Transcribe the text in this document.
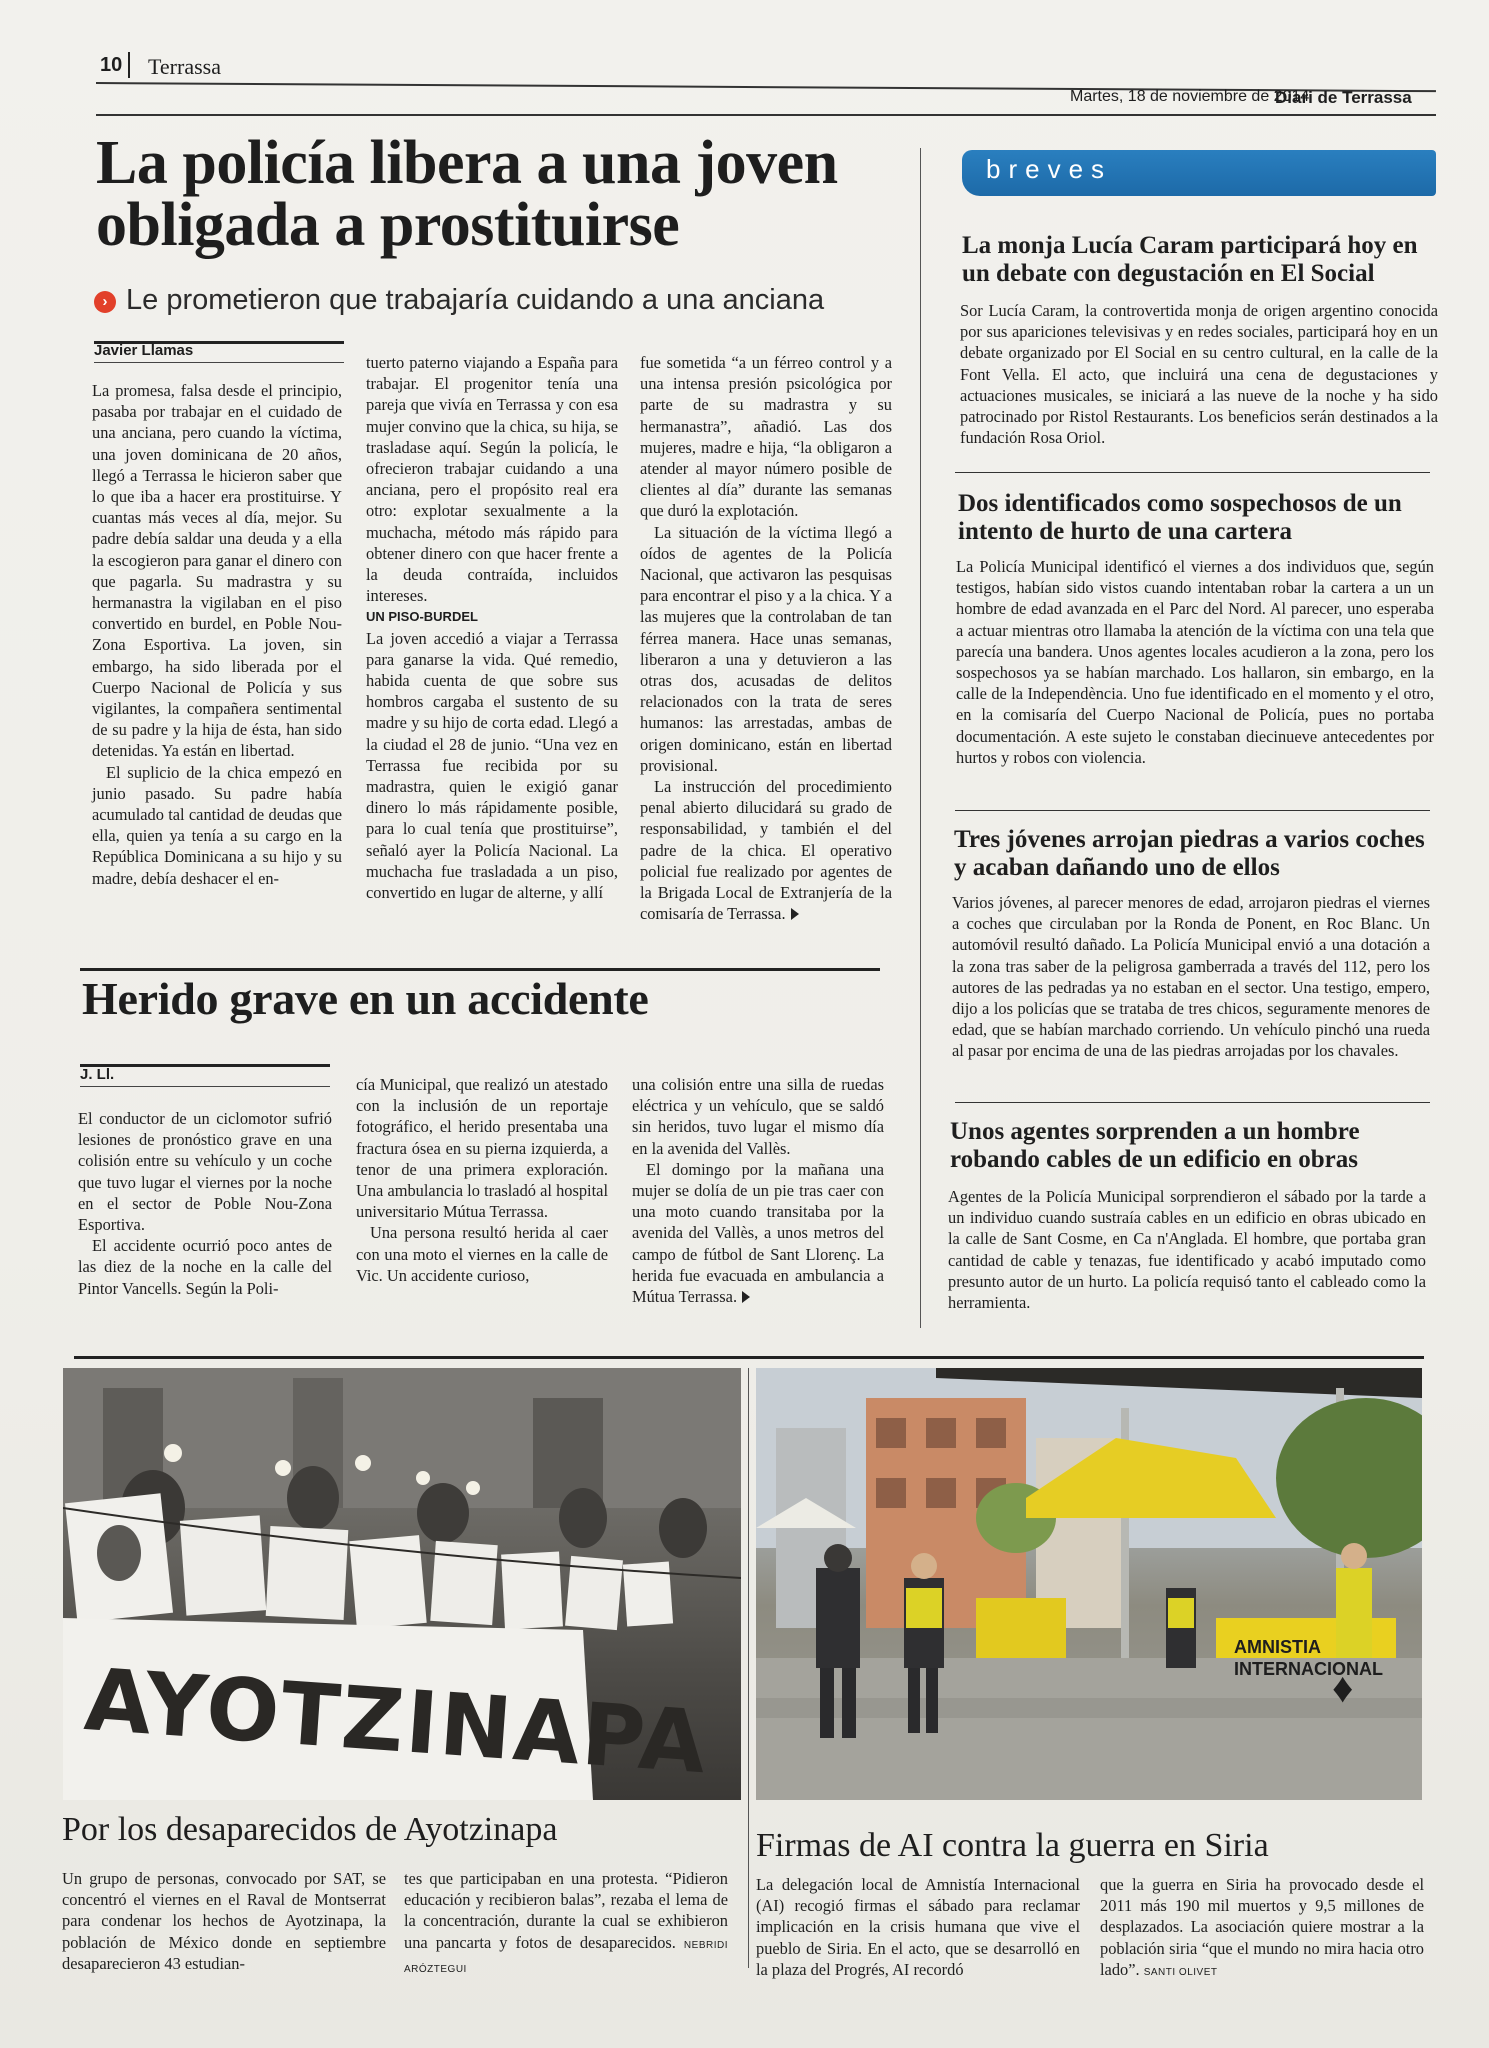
10 Terrassa
Martes, 18 de noviembre de 2014
Diari de Terrassa
La policía libera a una joven obligada a prostituirse
› Le prometieron que trabajaría cuidando a una anciana
Javier Llamas

La promesa, falsa desde el principio, pasaba por trabajar en el cuidado de una anciana, pero cuando la víctima, una joven dominicana de 20 años, llegó a Terrassa le hicieron saber que lo que iba a hacer era prostituirse. Y cuantas más veces al día, mejor. Su padre debía saldar una deuda y a ella la escogieron para ganar el dinero con que pagarla. Su madrastra y su hermanastra la vigilaban en el piso convertido en burdel, en Poble Nou-Zona Esportiva. La joven, sin embargo, ha sido liberada por el Cuerpo Nacional de Policía y sus vigilantes, la compañera sentimental de su padre y la hija de ésta, han sido detenidas. Ya están en libertad.

El suplicio de la chica empezó en junio pasado. Su padre había acumulado tal cantidad de deudas que ella, quien ya tenía a su cargo en la República Dominicana a su hijo y su madre, debía deshacer el en-

tuerto paterno viajando a España para trabajar. El progenitor tenía una pareja que vivía en Terrassa y con esa mujer convino que la chica, su hija, se trasladase aquí. Según la policía, le ofrecieron trabajar cuidando a una anciana, pero el propósito real era otro: explotar sexualmente a la muchacha, método más rápido para obtener dinero con que hacer frente a la deuda contraída, incluidos intereses.

UN PISO-BURDEL

La joven accedió a viajar a Terrassa para ganarse la vida. Qué remedio, habida cuenta de que sobre sus hombros cargaba el sustento de su madre y su hijo de corta edad. Llegó a la ciudad el 28 de junio. “Una vez en Terrassa fue recibida por su madrastra, quien le exigió ganar dinero lo más rápidamente posible, para lo cual tenía que prostituirse”, señaló ayer la Policía Nacional. La muchacha fue trasladada a un piso, convertido en lugar de alterne, y allí

fue sometida “a un férreo control y a una intensa presión psicológica por parte de su madrastra y su hermanastra”, añadió. Las dos mujeres, madre e hija, “la obligaron a atender al mayor número posible de clientes al día” durante las semanas que duró la explotación.

La situación de la víctima llegó a oídos de agentes de la Policía Nacional, que activaron las pesquisas para encontrar el piso y a la chica. Y a las mujeres que la controlaban de tan férrea manera. Hace unas semanas, liberaron a una y detuvieron a las otras dos, acusadas de delitos relacionados con la trata de seres humanos: las arrestadas, ambas de origen dominicano, están en libertad provisional.

La instrucción del procedimiento penal abierto dilucidará su grado de responsabilidad, y también el del padre de la chica. El operativo policial fue realizado por agentes de la Brigada Local de Extranjería de la comisaría de Terrassa.

Herido grave en un accidente
J. Ll.

El conductor de un ciclomotor sufrió lesiones de pronóstico grave en una colisión entre su vehículo y un coche que tuvo lugar el viernes por la noche en el sector de Poble Nou-Zona Esportiva.

El accidente ocurrió poco antes de las diez de la noche en la calle del Pintor Vancells. Según la Poli-

cía Municipal, que realizó un atestado con la inclusión de un reportaje fotográfico, el herido presentaba una fractura ósea en su pierna izquierda, a tenor de una primera exploración. Una ambulancia lo trasladó al hospital universitario Mútua Terrassa.

Una persona resultó herida al caer con una moto el viernes en la calle de Vic. Un accidente curioso,

una colisión entre una silla de ruedas eléctrica y un vehículo, que se saldó sin heridos, tuvo lugar el mismo día en la avenida del Vallès.

El domingo por la mañana una mujer se dolía de un pie tras caer con una moto cuando transitaba por la avenida del Vallès, a unos metros del campo de fútbol de Sant Llorenç. La herida fue evacuada en ambulancia a Mútua Terrassa.

breves
La monja Lucía Caram participará hoy en un debate con degustación en El Social
Sor Lucía Caram, la controvertida monja de origen argentino conocida por sus apariciones televisivas y en redes sociales, participará hoy en un debate organizado por El Social en su centro cultural, en la calle de la Font Vella. El acto, que incluirá una cena de degustaciones y actuaciones musicales, se iniciará a las nueve de la noche y ha sido patrocinado por Ristol Restaurants. Los beneficios serán destinados a la fundación Rosa Oriol.
Dos identificados como sospechosos de un intento de hurto de una cartera
La Policía Municipal identificó el viernes a dos individuos que, según testigos, habían sido vistos cuando intentaban robar la cartera a un un hombre de edad avanzada en el Parc del Nord. Al parecer, uno esperaba a actuar mientras otro llamaba la atención de la víctima con una tela que parecía una bandera. Unos agentes locales acudieron a la zona, pero los sospechosos ya se habían marchado. Los hallaron, sin embargo, en la calle de la Independència. Uno fue identificado en el momento y el otro, en la comisaría del Cuerpo Nacional de Policía, pues no portaba documentación. A este sujeto le constaban diecinueve antecedentes por hurtos y robos con violencia.
Tres jóvenes arrojan piedras a varios coches y acaban dañando uno de ellos
Varios jóvenes, al parecer menores de edad, arrojaron piedras el viernes a coches que circulaban por la Ronda de Ponent, en Roc Blanc. Un automóvil resultó dañado. La Policía Municipal envió a una dotación a la zona tras saber de la peligrosa gamberrada a través del 112, pero los autores de las pedradas ya no estaban en el sector. Una testigo, empero, dijo a los policías que se trataba de tres chicos, seguramente menores de edad, que se habían marchado corriendo. Un vehículo pinchó una rueda al pasar por encima de una de las piedras arrojadas por los chavales.
Unos agentes sorprenden a un hombre robando cables de un edificio en obras
Agentes de la Policía Municipal sorprendieron el sábado por la tarde a un individuo cuando sustraía cables en un edificio en obras ubicado en la calle de Sant Cosme, en Ca n'Anglada. El hombre, que portaba gran cantidad de cable y tenazas, fue identificado y acabó imputado como presunto autor de un hurto. La policía requisó tanto el cableado como la herramienta.
AYOTZINAPA
Por los desaparecidos de Ayotzinapa
Un grupo de personas, convocado por SAT, se concentró el viernes en el Raval de Montserrat para condenar los hechos de Ayotzinapa, la población de México donde en septiembre desaparecieron 43 estudian-
tes que participaban en una protesta. “Pidieron educación y recibieron balas”, rezaba el lema de la concentración, durante la cual se exhibieron una pancarta y fotos de desaparecidos. NEBRIDI ARÓZTEGUI
AMNISTIA INTERNACIONAL
♦
Firmas de AI contra la guerra en Siria
La delegación local de Amnistía Internacional (AI) recogió firmas el sábado para reclamar implicación en la crisis humana que vive el pueblo de Siria. En el acto, que se desarrolló en la plaza del Progrés, AI recordó
que la guerra en Siria ha provocado desde el 2011 más 190 mil muertos y 9,5 millones de desplazados. La asociación quiere mostrar a la población siria “que el mundo no mira hacia otro lado”. SANTI OLIVET
